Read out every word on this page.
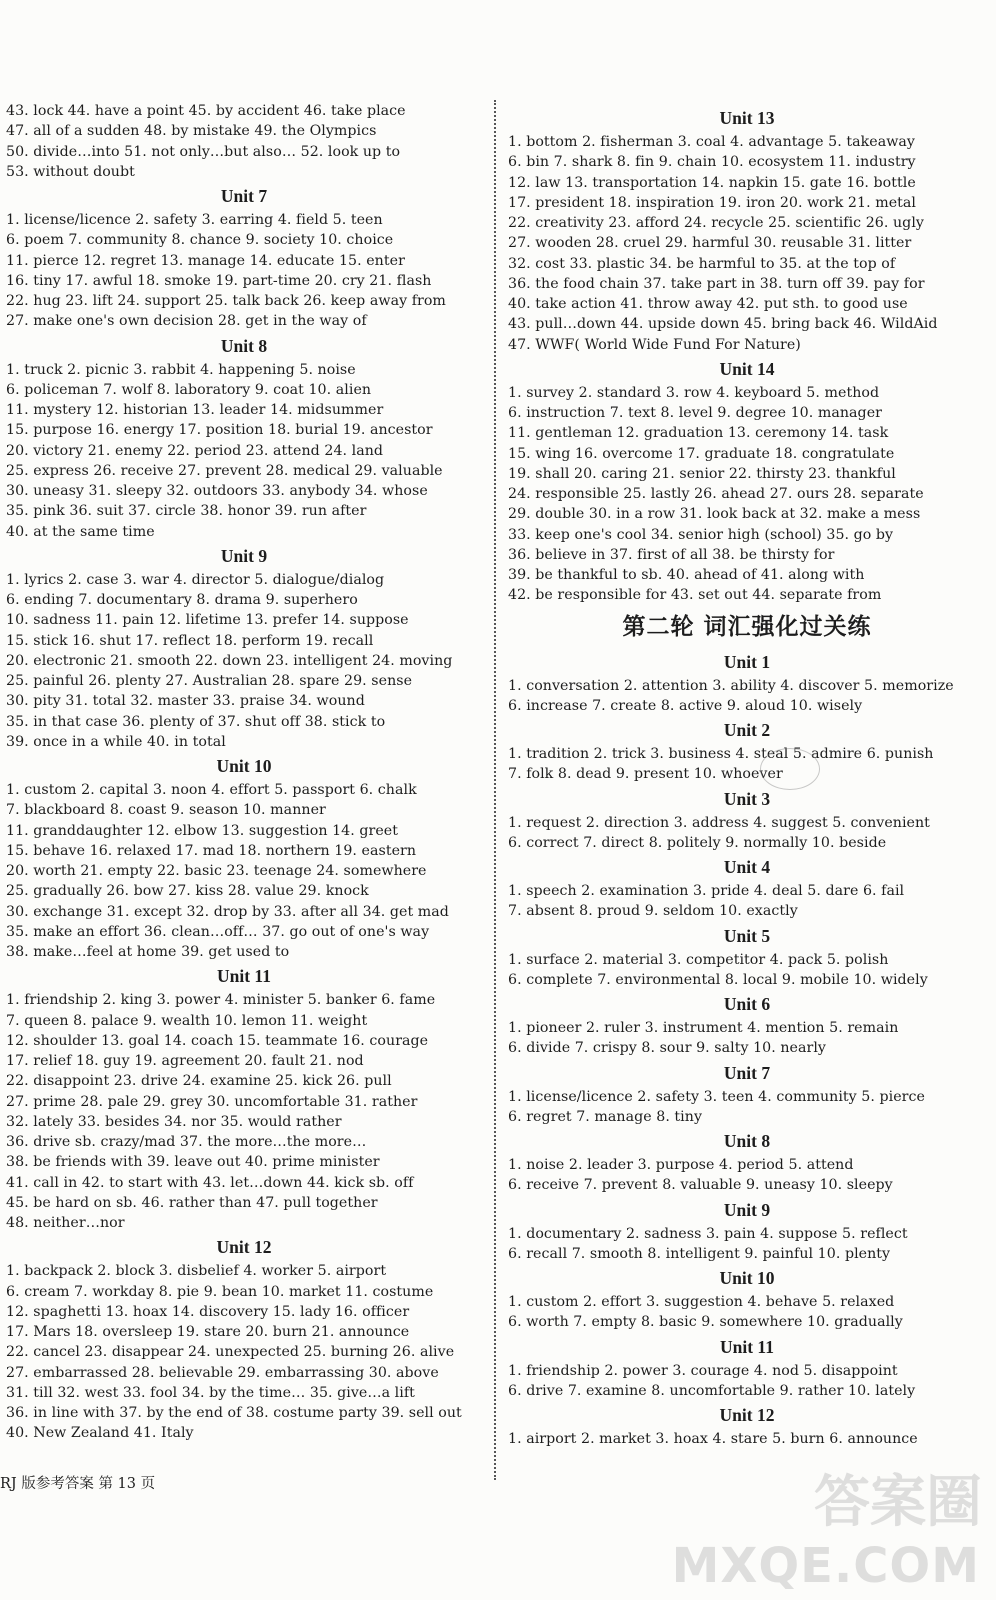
43. lock 44. have a point 45. by accident 46. take place
47. all of a sudden 48. by mistake 49. the Olympics
50. divide…into 51. not only…but also… 52. look up to
53. without doubt
Unit 7
1. license/licence 2. safety 3. earring 4. field 5. teen
6. poem 7. community 8. chance 9. society 10. choice
11. pierce 12. regret 13. manage 14. educate 15. enter
16. tiny 17. awful 18. smoke 19. part-time 20. cry 21. flash
22. hug 23. lift 24. support 25. talk back 26. keep away from
27. make one's own decision 28. get in the way of
Unit 8
1. truck 2. picnic 3. rabbit 4. happening 5. noise
6. policeman 7. wolf 8. laboratory 9. coat 10. alien
11. mystery 12. historian 13. leader 14. midsummer
15. purpose 16. energy 17. position 18. burial 19. ancestor
20. victory 21. enemy 22. period 23. attend 24. land
25. express 26. receive 27. prevent 28. medical 29. valuable
30. uneasy 31. sleepy 32. outdoors 33. anybody 34. whose
35. pink 36. suit 37. circle 38. honor 39. run after
40. at the same time
Unit 9
1. lyrics 2. case 3. war 4. director 5. dialogue/dialog
6. ending 7. documentary 8. drama 9. superhero
10. sadness 11. pain 12. lifetime 13. prefer 14. suppose
15. stick 16. shut 17. reflect 18. perform 19. recall
20. electronic 21. smooth 22. down 23. intelligent 24. moving
25. painful 26. plenty 27. Australian 28. spare 29. sense
30. pity 31. total 32. master 33. praise 34. wound
35. in that case 36. plenty of 37. shut off 38. stick to
39. once in a while 40. in total
Unit 10
1. custom 2. capital 3. noon 4. effort 5. passport 6. chalk
7. blackboard 8. coast 9. season 10. manner
11. granddaughter 12. elbow 13. suggestion 14. greet
15. behave 16. relaxed 17. mad 18. northern 19. eastern
20. worth 21. empty 22. basic 23. teenage 24. somewhere
25. gradually 26. bow 27. kiss 28. value 29. knock
30. exchange 31. except 32. drop by 33. after all 34. get mad
35. make an effort 36. clean…off… 37. go out of one's way
38. make…feel at home 39. get used to
Unit 11
1. friendship 2. king 3. power 4. minister 5. banker 6. fame
7. queen 8. palace 9. wealth 10. lemon 11. weight
12. shoulder 13. goal 14. coach 15. teammate 16. courage
17. relief 18. guy 19. agreement 20. fault 21. nod
22. disappoint 23. drive 24. examine 25. kick 26. pull
27. prime 28. pale 29. grey 30. uncomfortable 31. rather
32. lately 33. besides 34. nor 35. would rather
36. drive sb. crazy/mad 37. the more…the more…
38. be friends with 39. leave out 40. prime minister
41. call in 42. to start with 43. let…down 44. kick sb. off
45. be hard on sb. 46. rather than 47. pull together
48. neither…nor
Unit 12
1. backpack 2. block 3. disbelief 4. worker 5. airport
6. cream 7. workday 8. pie 9. bean 10. market 11. costume
12. spaghetti 13. hoax 14. discovery 15. lady 16. officer
17. Mars 18. oversleep 19. stare 20. burn 21. announce
22. cancel 23. disappear 24. unexpected 25. burning 26. alive
27. embarrassed 28. believable 29. embarrassing 30. above
31. till 32. west 33. fool 34. by the time… 35. give…a lift
36. in line with 37. by the end of 38. costume party 39. sell out
40. New Zealand 41. Italy
Unit 13
1. bottom 2. fisherman 3. coal 4. advantage 5. takeaway
6. bin 7. shark 8. fin 9. chain 10. ecosystem 11. industry
12. law 13. transportation 14. napkin 15. gate 16. bottle
17. president 18. inspiration 19. iron 20. work 21. metal
22. creativity 23. afford 24. recycle 25. scientific 26. ugly
27. wooden 28. cruel 29. harmful 30. reusable 31. litter
32. cost 33. plastic 34. be harmful to 35. at the top of
36. the food chain 37. take part in 38. turn off 39. pay for
40. take action 41. throw away 42. put sth. to good use
43. pull…down 44. upside down 45. bring back 46. WildAid
47. WWF( World Wide Fund For Nature)
Unit 14
1. survey 2. standard 3. row 4. keyboard 5. method
6. instruction 7. text 8. level 9. degree 10. manager
11. gentleman 12. graduation 13. ceremony 14. task
15. wing 16. overcome 17. graduate 18. congratulate
19. shall 20. caring 21. senior 22. thirsty 23. thankful
24. responsible 25. lastly 26. ahead 27. ours 28. separate
29. double 30. in a row 31. look back at 32. make a mess
33. keep one's cool 34. senior high (school) 35. go by
36. believe in 37. first of all 38. be thirsty for
39. be thankful to sb. 40. ahead of 41. along with
42. be responsible for 43. set out 44. separate from
第二轮 词汇强化过关练
Unit 1
1. conversation 2. attention 3. ability 4. discover 5. memorize
6. increase 7. create 8. active 9. aloud 10. wisely
Unit 2
1. tradition 2. trick 3. business 4. steal 5. admire 6. punish
7. folk 8. dead 9. present 10. whoever
Unit 3
1. request 2. direction 3. address 4. suggest 5. convenient
6. correct 7. direct 8. politely 9. normally 10. beside
Unit 4
1. speech 2. examination 3. pride 4. deal 5. dare 6. fail
7. absent 8. proud 9. seldom 10. exactly
Unit 5
1. surface 2. material 3. competitor 4. pack 5. polish
6. complete 7. environmental 8. local 9. mobile 10. widely
Unit 6
1. pioneer 2. ruler 3. instrument 4. mention 5. remain
6. divide 7. crispy 8. sour 9. salty 10. nearly
Unit 7
1. license/licence 2. safety 3. teen 4. community 5. pierce
6. regret 7. manage 8. tiny
Unit 8
1. noise 2. leader 3. purpose 4. period 5. attend
6. receive 7. prevent 8. valuable 9. uneasy 10. sleepy
Unit 9
1. documentary 2. sadness 3. pain 4. suppose 5. reflect
6. recall 7. smooth 8. intelligent 9. painful 10. plenty
Unit 10
1. custom 2. effort 3. suggestion 4. behave 5. relaxed
6. worth 7. empty 8. basic 9. somewhere 10. gradually
Unit 11
1. friendship 2. power 3. courage 4. nod 5. disappoint
6. drive 7. examine 8. uncomfortable 9. rather 10. lately
Unit 12
1. airport 2. market 3. hoax 4. stare 5. burn 6. announce
RJ 版参考答案 第 13 页	答案圈
MXQE.COM
